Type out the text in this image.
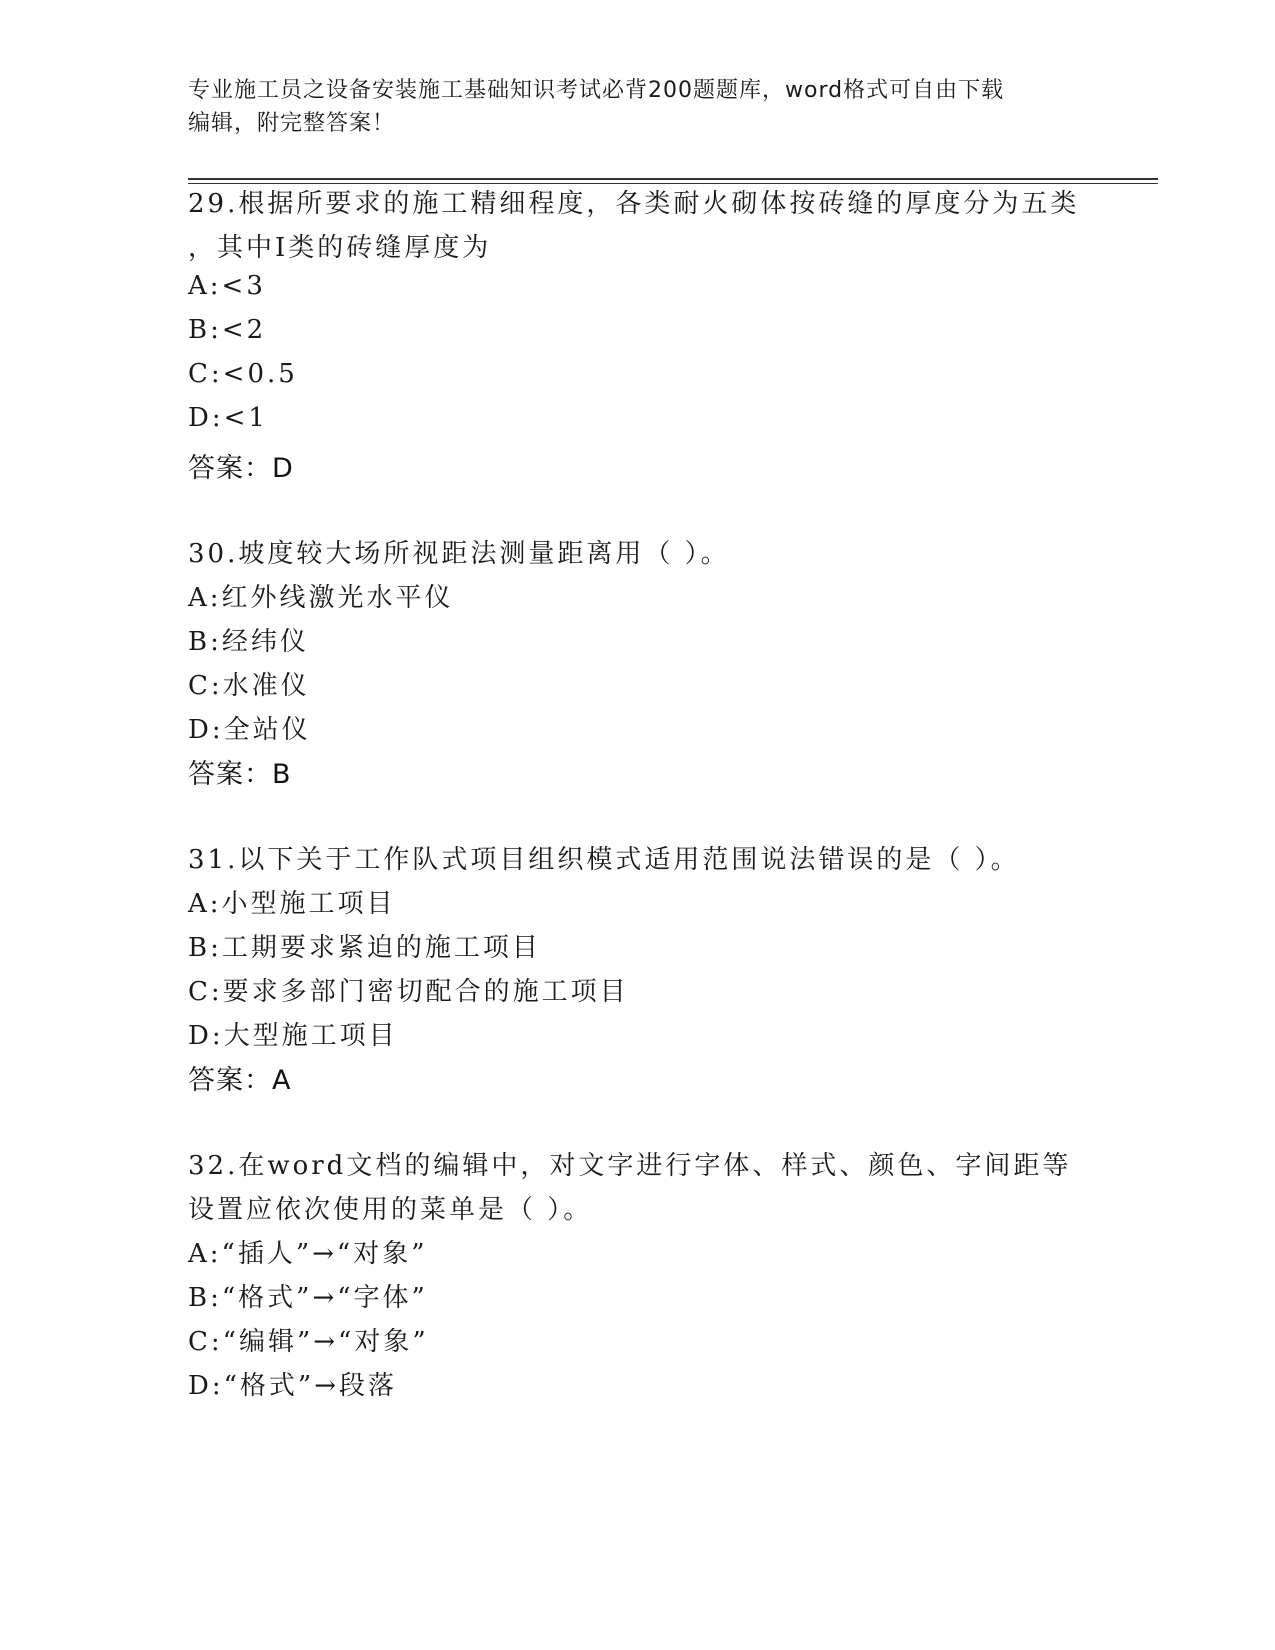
专业施工员之设备安装施工基础知识考试必背200题题库，word格式可自由下载
编辑，附完整答案！
29.根据所要求的施工精细程度，各类耐火砌体按砖缝的厚度分为五类
，其中Ⅰ类的砖缝厚度为
A:<3
B:<2
C:<0.5
D:<1
答案：D
30.坡度较大场所视距法测量距离用（ ）。
A:红外线激光水平仪
B:经纬仪
C:水准仪
D:全站仪
答案：B
31.以下关于工作队式项目组织模式适用范围说法错误的是（ ）。
A:小型施工项目
B:工期要求紧迫的施工项目
C:要求多部门密切配合的施工项目
D:大型施工项目
答案：A
32.在word文档的编辑中，对文字进行字体、样式、颜色、字间距等
设置应依次使用的菜单是（ ）。
A:“插人”→“对象”
B:“格式”→“字体”
C:“编辑”→“对象”
D:“格式”→段落
